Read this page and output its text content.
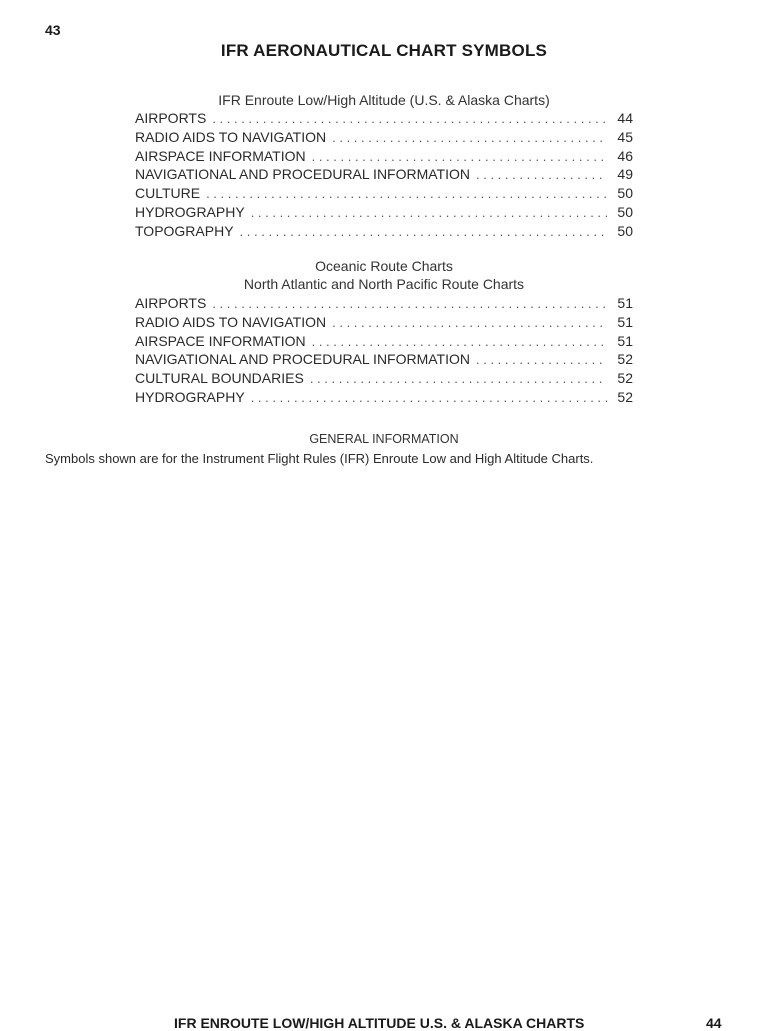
43
IFR AERONAUTICAL CHART SYMBOLS
IFR Enroute Low/High Altitude (U.S. & Alaska Charts)
AIRPORTS . . .	44
RADIO AIDS TO NAVIGATION . . .	45
AIRSPACE INFORMATION . . .	46
NAVIGATIONAL AND PROCEDURAL INFORMATION . . .	49
CULTURE . . .	50
HYDROGRAPHY . . .	50
TOPOGRAPHY . . .	50
Oceanic Route Charts
North Atlantic and North Pacific Route Charts
AIRPORTS . . .	51
RADIO AIDS TO NAVIGATION . . .	51
AIRSPACE INFORMATION . . .	51
NAVIGATIONAL AND PROCEDURAL INFORMATION . . .	52
CULTURAL BOUNDARIES . . .	52
HYDROGRAPHY . . .	52
GENERAL INFORMATION
Symbols shown are for the Instrument Flight Rules (IFR) Enroute Low and High Altitude Charts.
IFR ENROUTE LOW/HIGH ALTITUDE U.S. & ALASKA CHARTS	44
